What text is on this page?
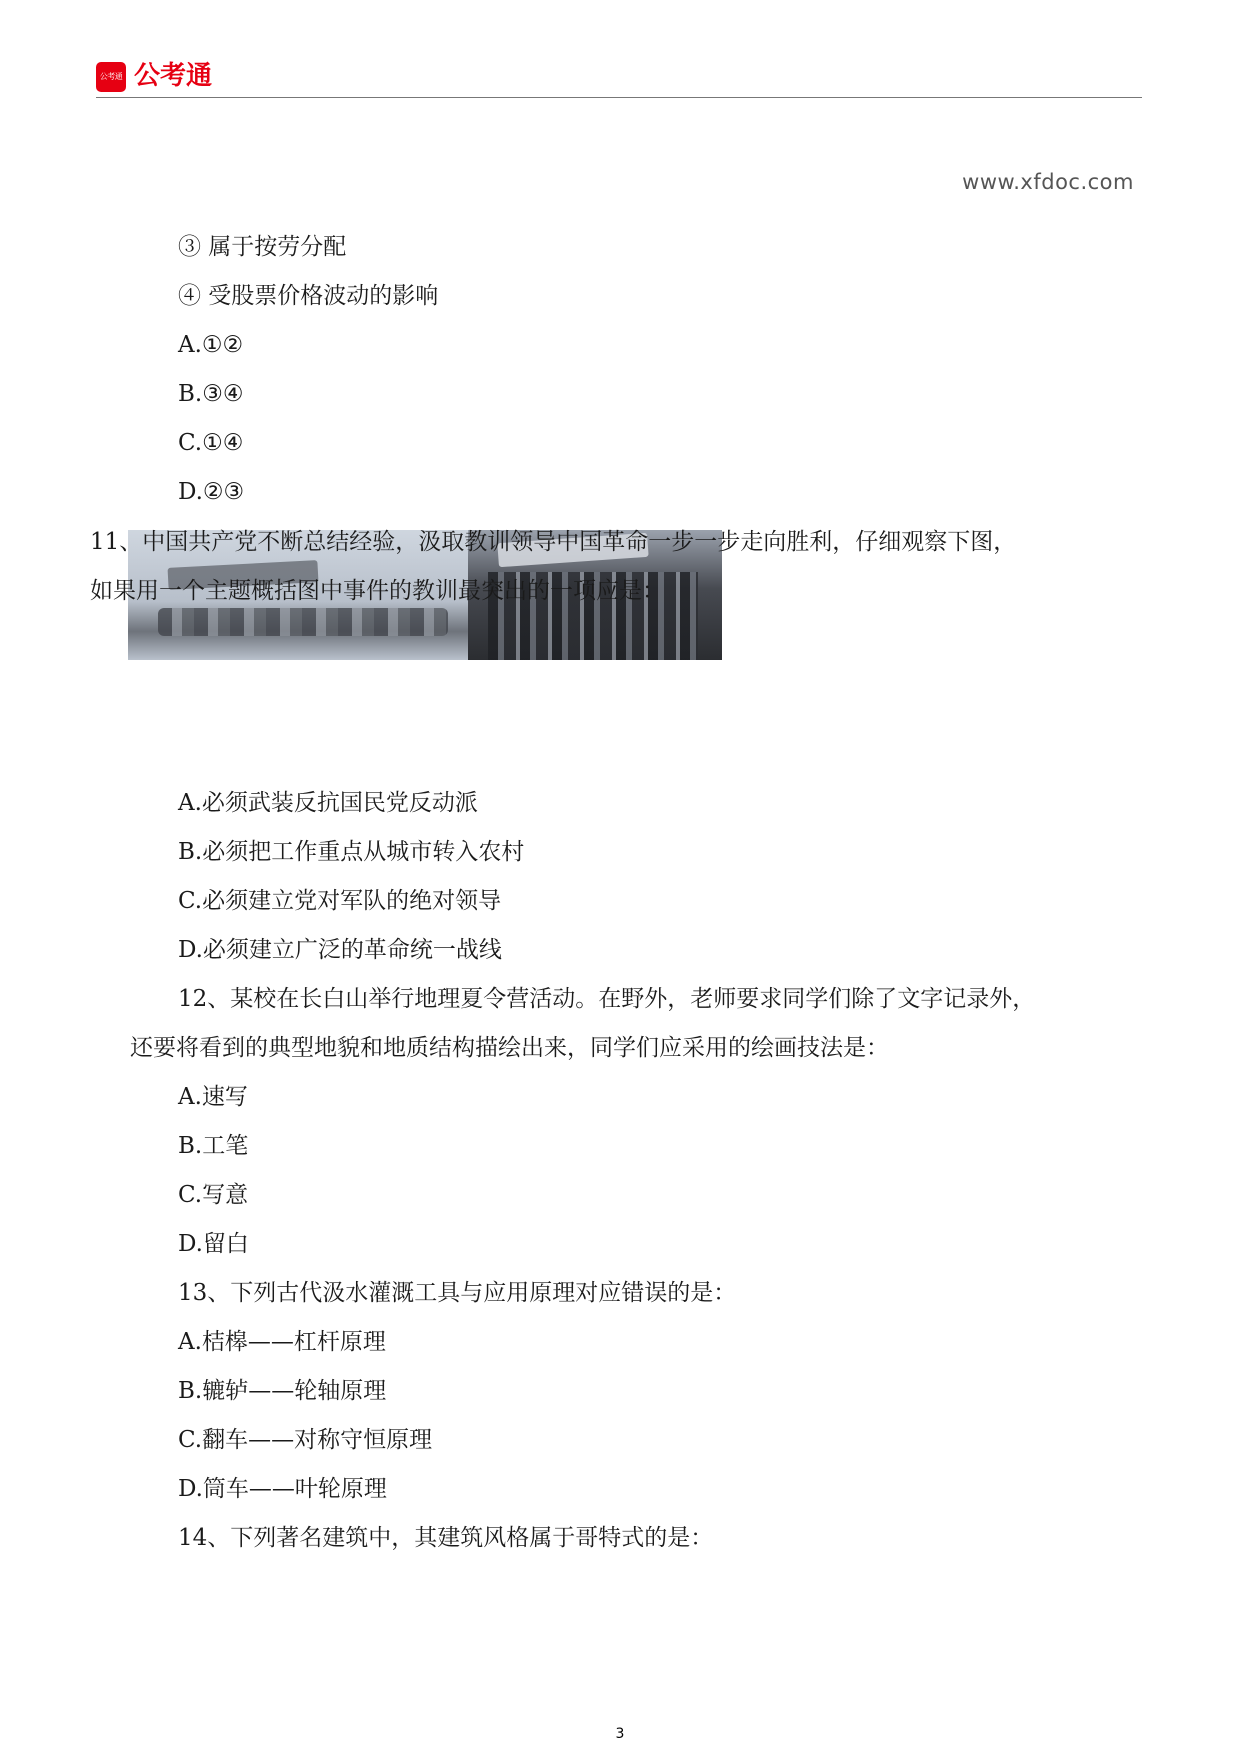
公考通 公考通
www.xfdoc.com
③ 属于按劳分配
④ 受股票价格波动的影响
A.①②
B.③④
C.①④
D.②③
11、中国共产党不断总结经验，汲取教训领导中国革命一步一步走向胜利，仔细观察下图，
如果用一个主题概括图中事件的教训最突出的一项应是：
A.必须武装反抗国民党反动派
B.必须把工作重点从城市转入农村
C.必须建立党对军队的绝对领导
D.必须建立广泛的革命统一战线
12、某校在长白山举行地理夏令营活动。在野外，老师要求同学们除了文字记录外，
还要将看到的典型地貌和地质结构描绘出来，同学们应采用的绘画技法是：
A.速写
B.工笔
C.写意
D.留白
13、下列古代汲水灌溉工具与应用原理对应错误的是：
A.桔槔——杠杆原理
B.辘轳——轮轴原理
C.翻车——对称守恒原理
D.筒车——叶轮原理
14、下列著名建筑中，其建筑风格属于哥特式的是：
3
